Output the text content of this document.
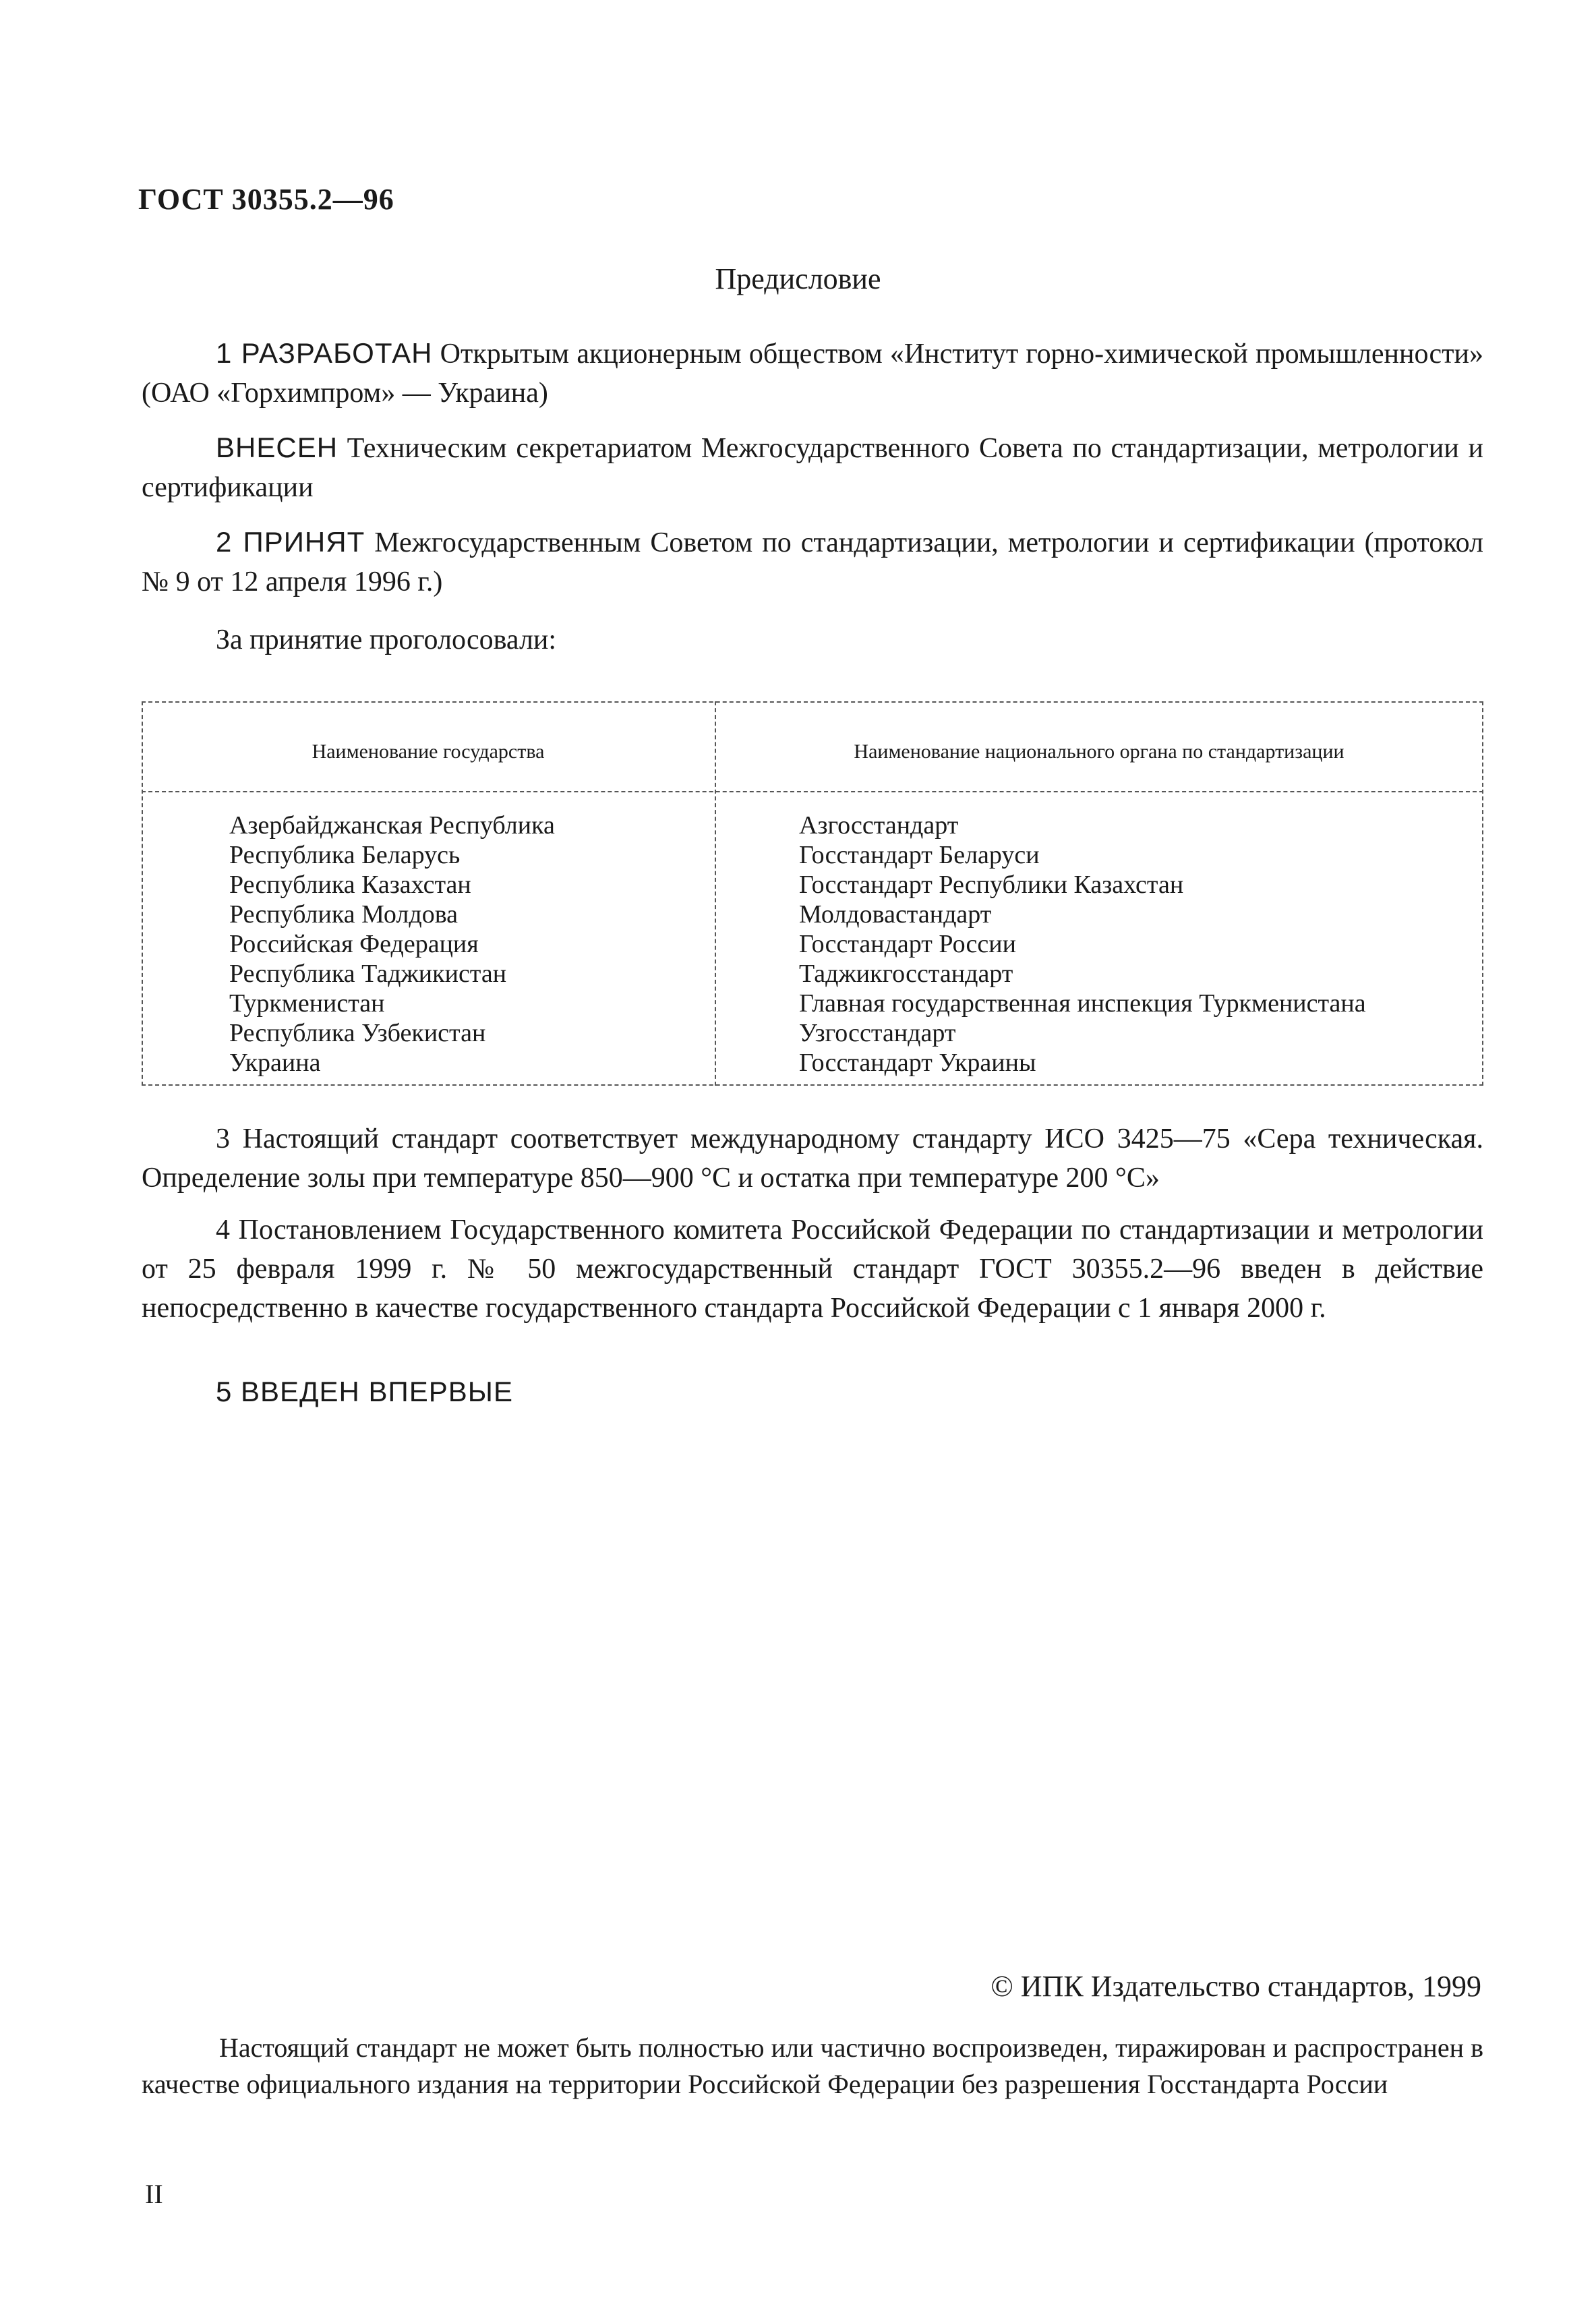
ГОСТ 30355.2—96
Предисловие

1 РАЗРАБОТАН Открытым акционерным обществом «Институт горно-химической промышленности» (ОАО «Горхимпром» — Украина)

ВНЕСЕН Техническим секретариатом Межгосударственного Совета по стандартизации, метрологии и сертификации

2 ПРИНЯТ Межгосударственным Советом по стандартизации, метрологии и сертификации (протокол № 9 от 12 апреля 1996 г.)

За принятие проголосовали:

Наименование государства	Наименование национального органа по стандартизации
Азербайджанская Республика
Республика Беларусь
Республика Казахстан
Республика Молдова
Российская Федерация
Республика Таджикистан
Туркменистан
Республика Узбекистан
Украина
Азгосстандарт
Госстандарт Беларуси
Госстандарт Республики Казахстан
Молдовастандарт
Госстандарт России
Таджикгосстандарт
Главная государственная инспекция Туркменистана
Узгосстандарт
Госстандарт Украины

3 Настоящий стандарт соответствует международному стандарту ИСО 3425—75 «Сера техническая. Определение золы при температуре 850—900 °С и остатка при температуре 200 °С»

4 Постановлением Государственного комитета Российской Федерации по стандартизации и метрологии от 25 февраля 1999 г. № 50 межгосударственный стандарт ГОСТ 30355.2—96 введен в действие непосредственно в качестве государственного стандарта Российской Федерации с 1 января 2000 г.

5 ВВЕДЕН ВПЕРВЫЕ

© ИПК Издательство стандартов, 1999

Настоящий стандарт не может быть полностью или частично воспроизведен, тиражирован и распространен в качестве официального издания на территории Российской Федерации без разрешения Госстандарта России

II
